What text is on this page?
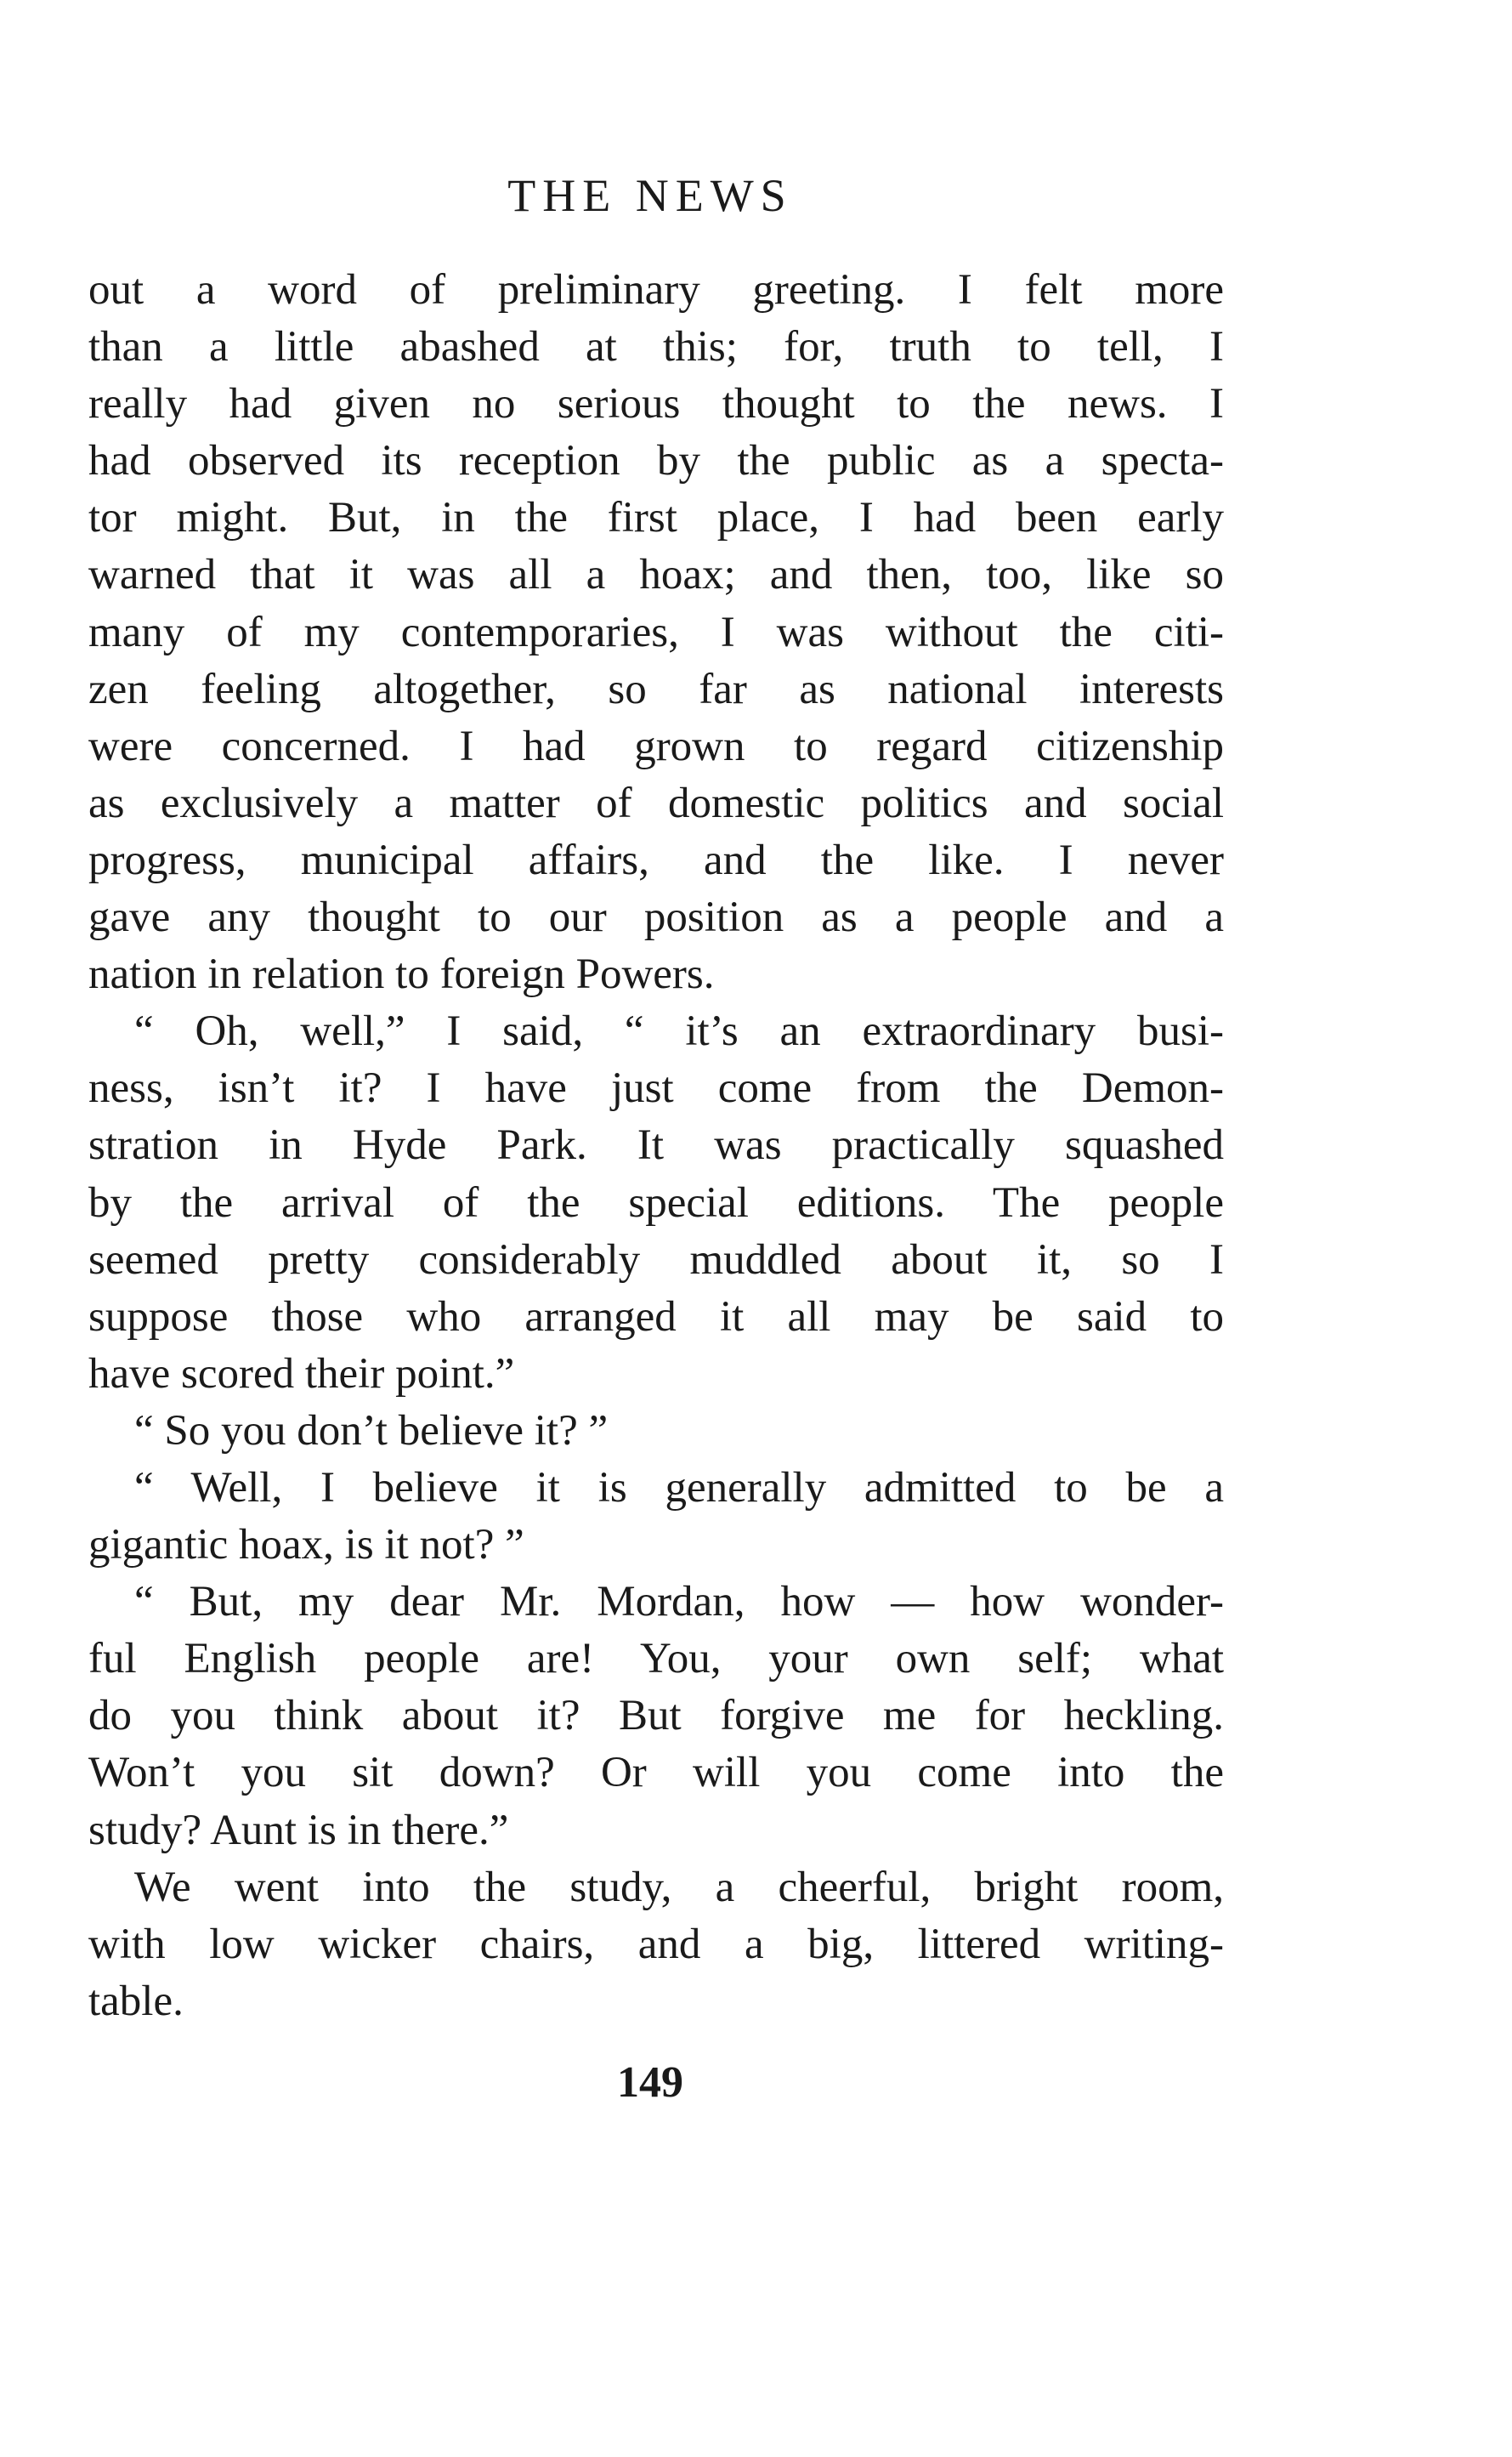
THE NEWS
out a word of preliminary greeting. I felt more
than a little abashed at this; for, truth to tell, I
really had given no serious thought to the news. I
had observed its reception by the public as a specta-
tor might. But, in the first place, I had been early
warned that it was all a hoax; and then, too, like so
many of my contemporaries, I was without the citi-
zen feeling altogether, so far as national interests
were concerned. I had grown to regard citizenship
as exclusively a matter of domestic politics and social
progress, municipal affairs, and the like. I never
gave any thought to our position as a people and a
nation in relation to foreign Powers.
“ Oh, well,” I said, “ it’s an extraordinary busi-
ness, isn’t it? I have just come from the Demon-
stration in Hyde Park. It was practically squashed
by the arrival of the special editions. The people
seemed pretty considerably muddled about it, so I
suppose those who arranged it all may be said to
have scored their point.”
“ So you don’t believe it? ”
“ Well, I believe it is generally admitted to be a
gigantic hoax, is it not? ”
“ But, my dear Mr. Mordan, how — how wonder-
ful English people are! You, your own self; what
do you think about it? But forgive me for heckling.
Won’t you sit down? Or will you come into the
study? Aunt is in there.”
We went into the study, a cheerful, bright room,
with low wicker chairs, and a big, littered writing-
table.
149
